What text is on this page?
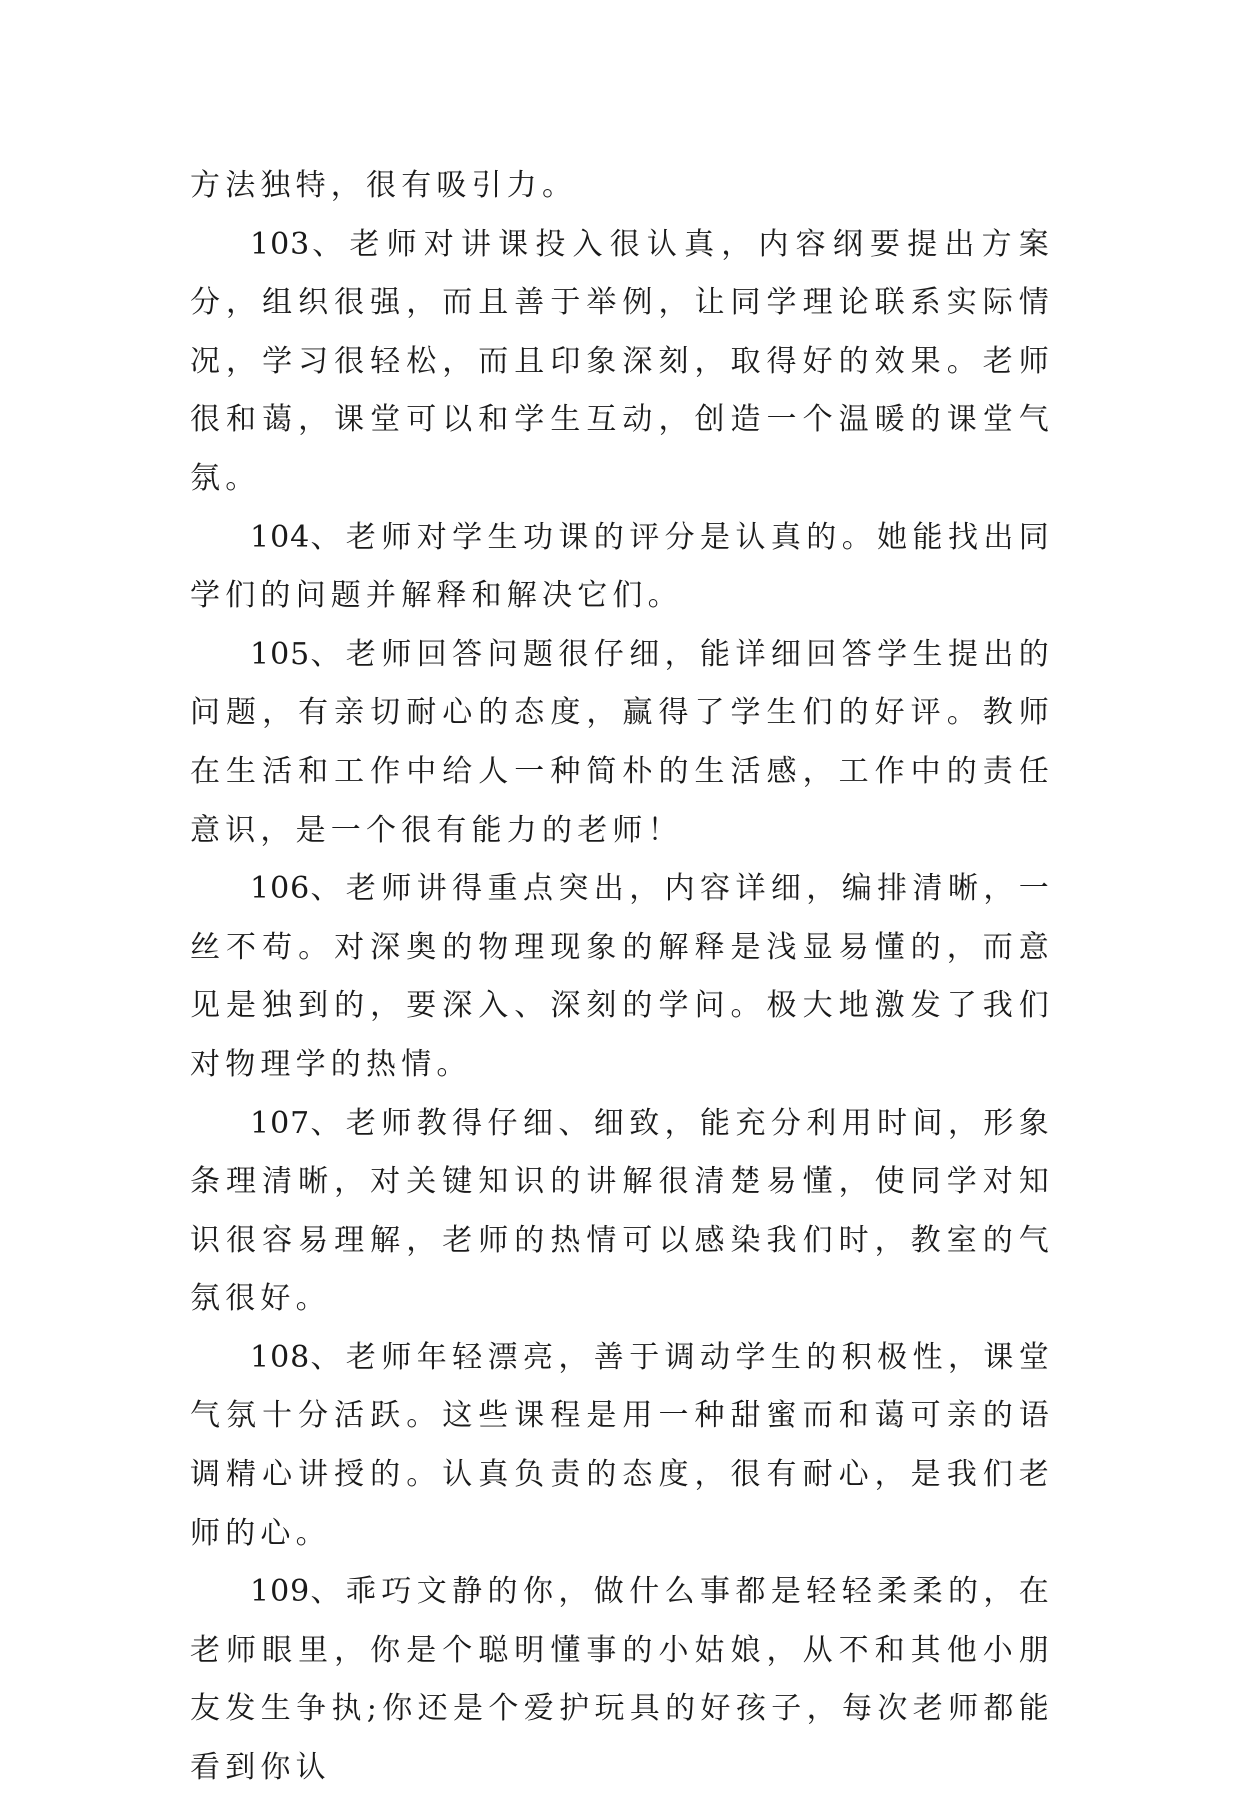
方法独特，很有吸引力。

103、老师对讲课投入很认真，内容纲要提出方案分，组织很强，而且善于举例，让同学理论联系实际情况，学习很轻松，而且印象深刻，取得好的效果。老师很和蔼，课堂可以和学生互动，创造一个温暖的课堂气氛。

104、老师对学生功课的评分是认真的。她能找出同学们的问题并解释和解决它们。

105、老师回答问题很仔细，能详细回答学生提出的问题，有亲切耐心的态度，赢得了学生们的好评。教师在生活和工作中给人一种简朴的生活感，工作中的责任意识，是一个很有能力的老师！

106、老师讲得重点突出，内容详细，编排清晰，一丝不苟。对深奥的物理现象的解释是浅显易懂的，而意见是独到的，要深入、深刻的学问。极大地激发了我们对物理学的热情。

107、老师教得仔细、细致，能充分利用时间，形象条理清晰，对关键知识的讲解很清楚易懂，使同学对知识很容易理解，老师的热情可以感染我们时，教室的气氛很好。

108、老师年轻漂亮，善于调动学生的积极性，课堂气氛十分活跃。这些课程是用一种甜蜜而和蔼可亲的语调精心讲授的。认真负责的态度，很有耐心，是我们老师的心。

109、乖巧文静的你，做什么事都是轻轻柔柔的，在老师眼里，你是个聪明懂事的小姑娘，从不和其他小朋友发生争执;你还是个爱护玩具的好孩子，每次老师都能看到你认
